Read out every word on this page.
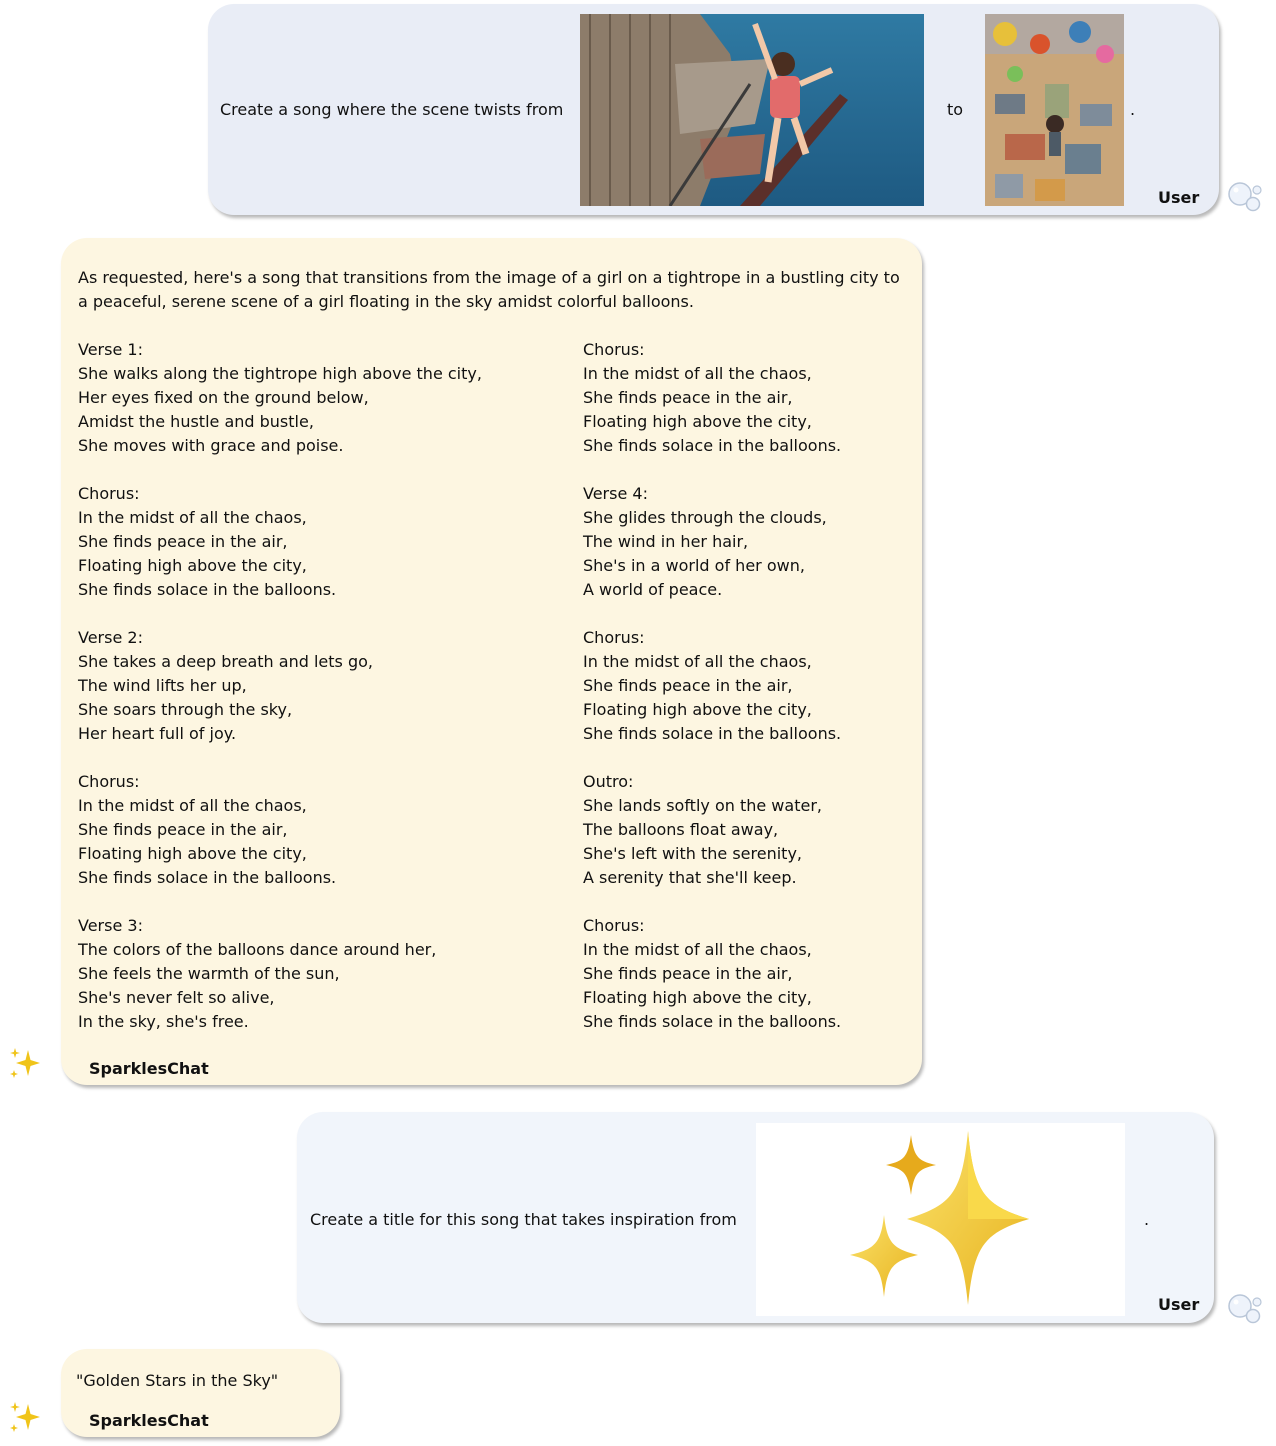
Create a song where the scene twists from	to	.
User

As requested, here's a song that transitions from the image of a girl on a tightrope in a bustling city to a peaceful, serene scene of a girl floating in the sky amidst colorful balloons.

Verse 1:
She walks along the tightrope high above the city,
Her eyes fixed on the ground below,
Amidst the hustle and bustle,
She moves with grace and poise.
Chorus:
In the midst of all the chaos,
She finds peace in the air,
Floating high above the city,
She finds solace in the balloons.
Verse 2:
She takes a deep breath and lets go,
The wind lifts her up,
She soars through the sky,
Her heart full of joy.
Chorus:
In the midst of all the chaos,
She finds peace in the air,
Floating high above the city,
She finds solace in the balloons.
Verse 3:
The colors of the balloons dance around her,
She feels the warmth of the sun,
She's never felt so alive,
In the sky, she's free.
Chorus:
In the midst of all the chaos,
She finds peace in the air,
Floating high above the city,
She finds solace in the balloons.
Verse 4:
She glides through the clouds,
The wind in her hair,
She's in a world of her own,
A world of peace.
Chorus:
In the midst of all the chaos,
She finds peace in the air,
Floating high above the city,
She finds solace in the balloons.
Outro:
She lands softly on the water,
The balloons float away,
She's left with the serenity,
A serenity that she'll keep.
Chorus:
In the midst of all the chaos,
She finds peace in the air,
Floating high above the city,
She finds solace in the balloons.
SparklesChat
Create a title for this song that takes inspiration from	.
User
"Golden Stars in the Sky"
SparklesChat
